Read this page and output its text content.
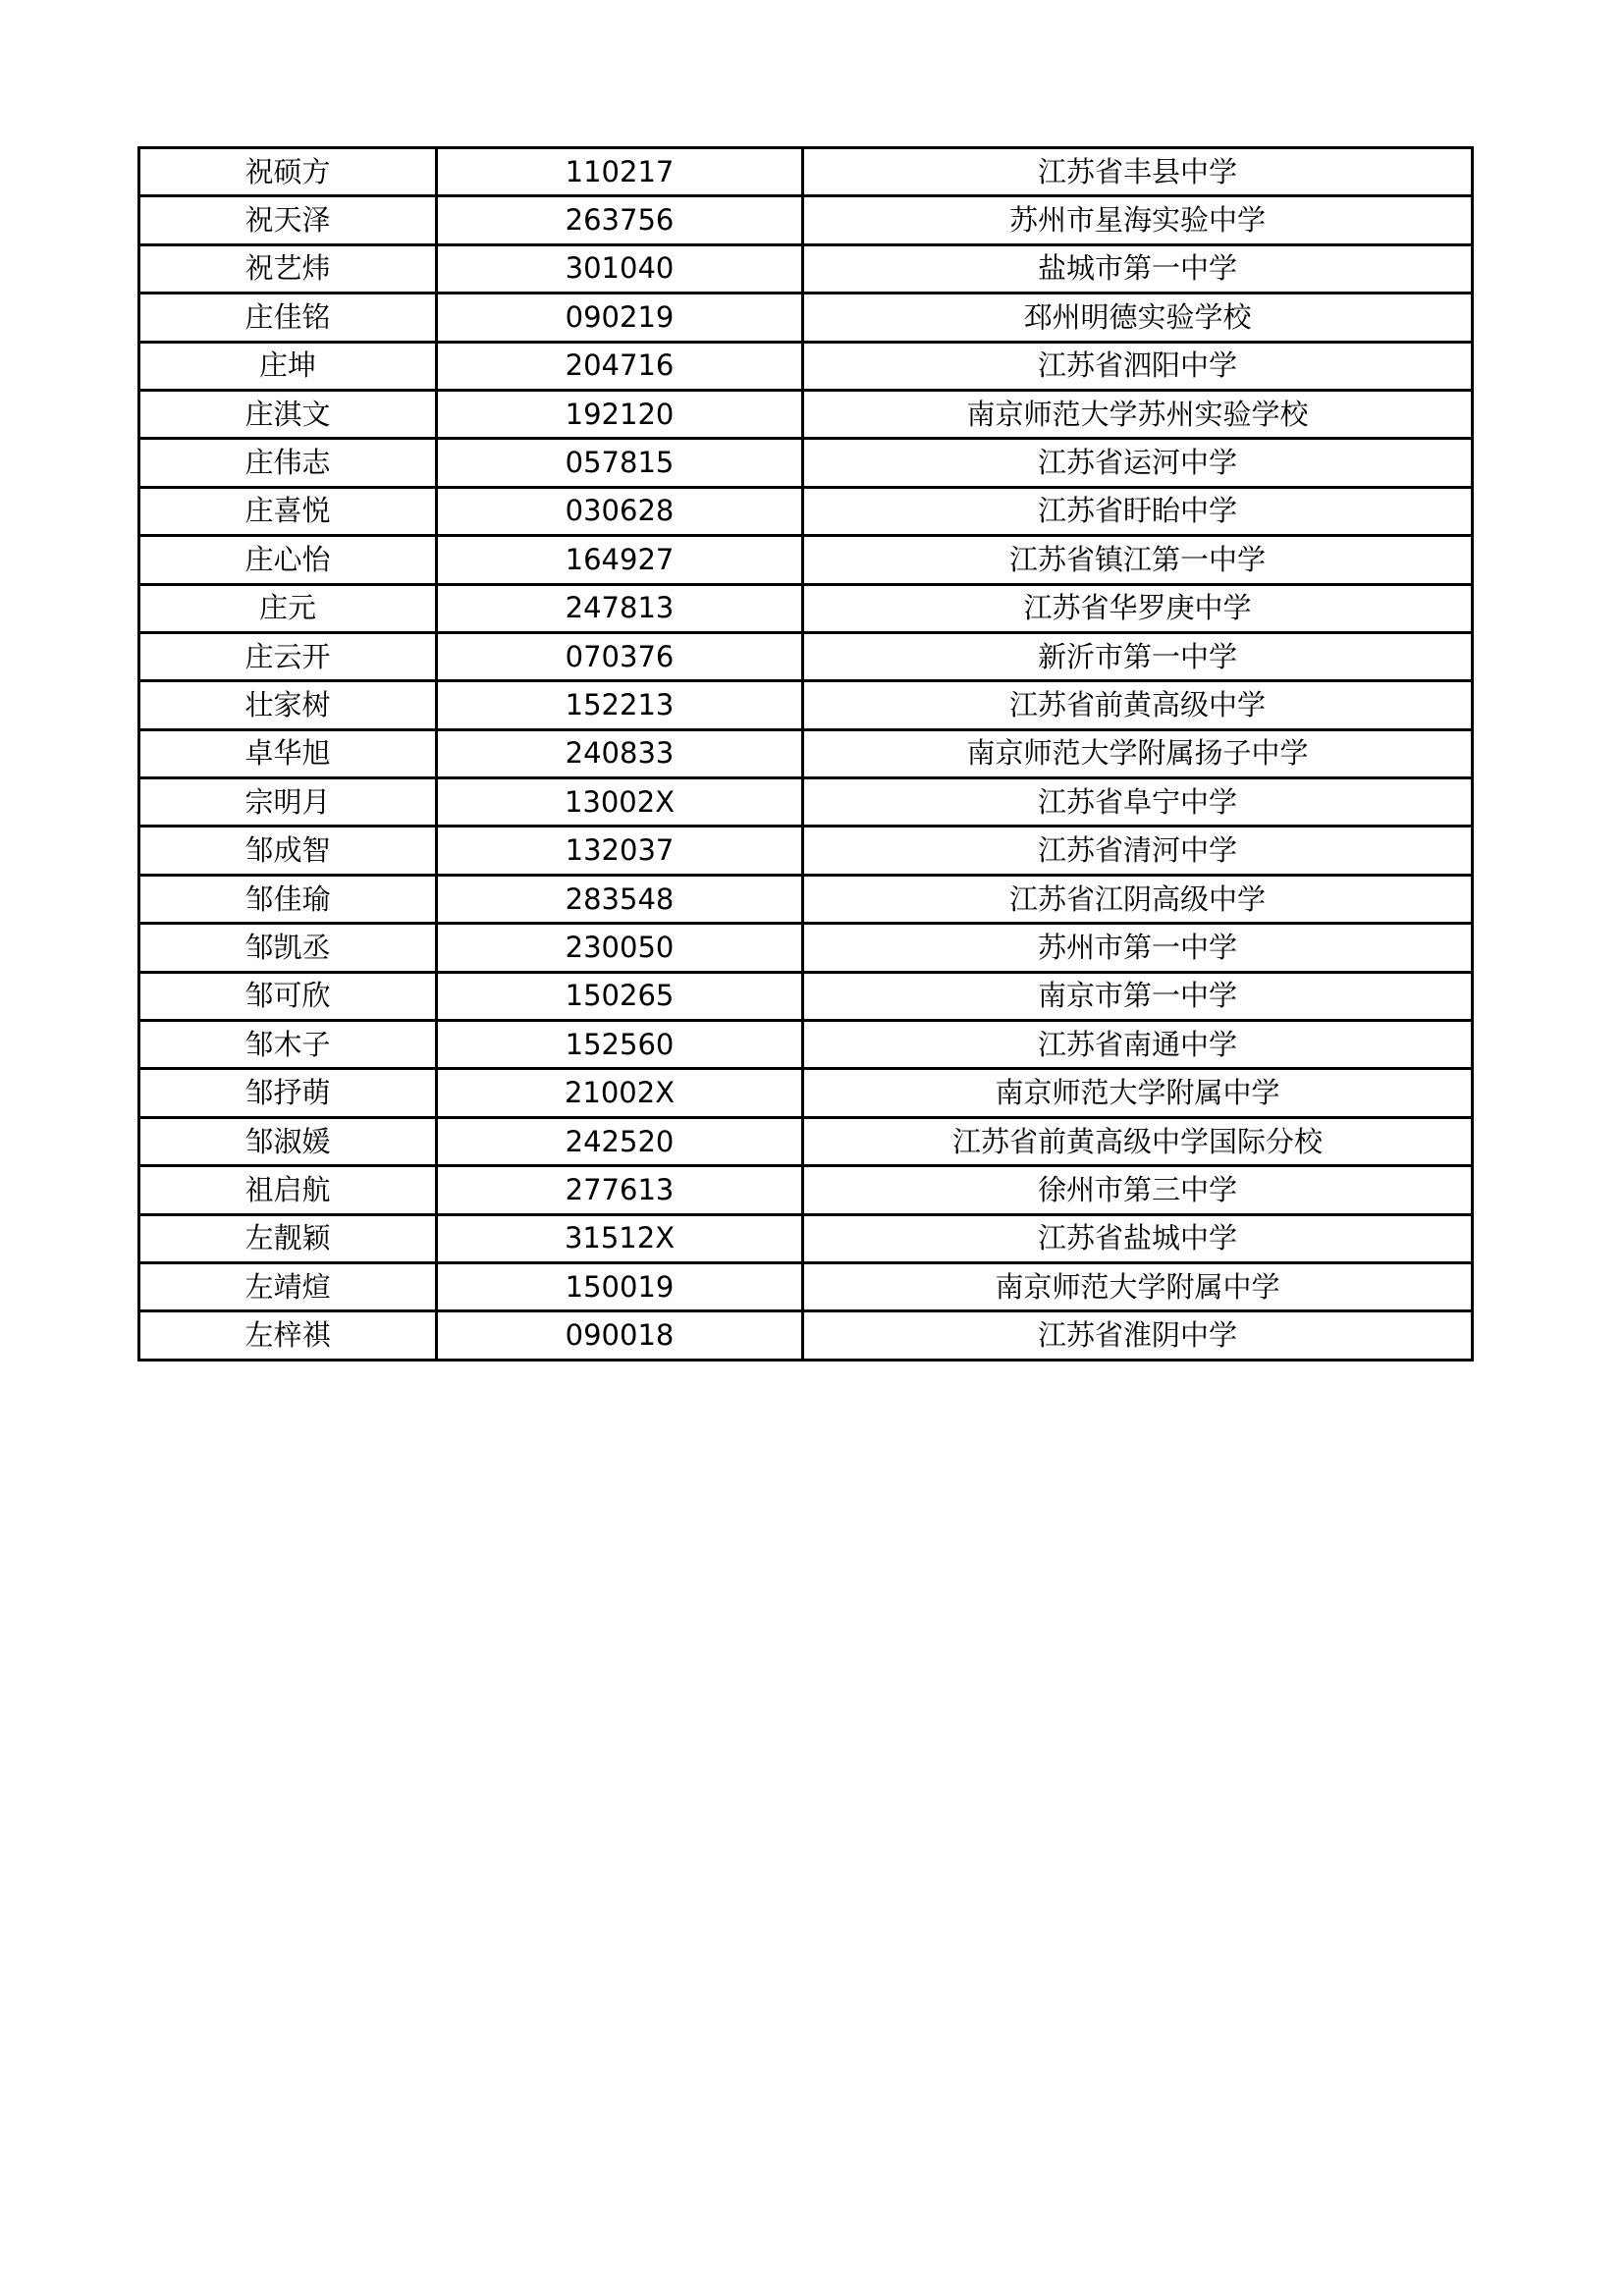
祝硕方	110217	江苏省丰县中学
祝天泽	263756	苏州市星海实验中学
祝艺炜	301040	盐城市第一中学
庄佳铭	090219	邳州明德实验学校
庄坤	204716	江苏省泗阳中学
庄淇文	192120	南京师范大学苏州实验学校
庄伟志	057815	江苏省运河中学
庄喜悦	030628	江苏省盱眙中学
庄心怡	164927	江苏省镇江第一中学
庄元	247813	江苏省华罗庚中学
庄云开	070376	新沂市第一中学
壮家树	152213	江苏省前黄高级中学
卓华旭	240833	南京师范大学附属扬子中学
宗明月	13002X	江苏省阜宁中学
邹成智	132037	江苏省清河中学
邹佳瑜	283548	江苏省江阴高级中学
邹凯丞	230050	苏州市第一中学
邹可欣	150265	南京市第一中学
邹木子	152560	江苏省南通中学
邹抒萌	21002X	南京师范大学附属中学
邹淑媛	242520	江苏省前黄高级中学国际分校
祖启航	277613	徐州市第三中学
左靓颖	31512X	江苏省盐城中学
左靖煊	150019	南京师范大学附属中学
左梓祺	090018	江苏省淮阴中学
